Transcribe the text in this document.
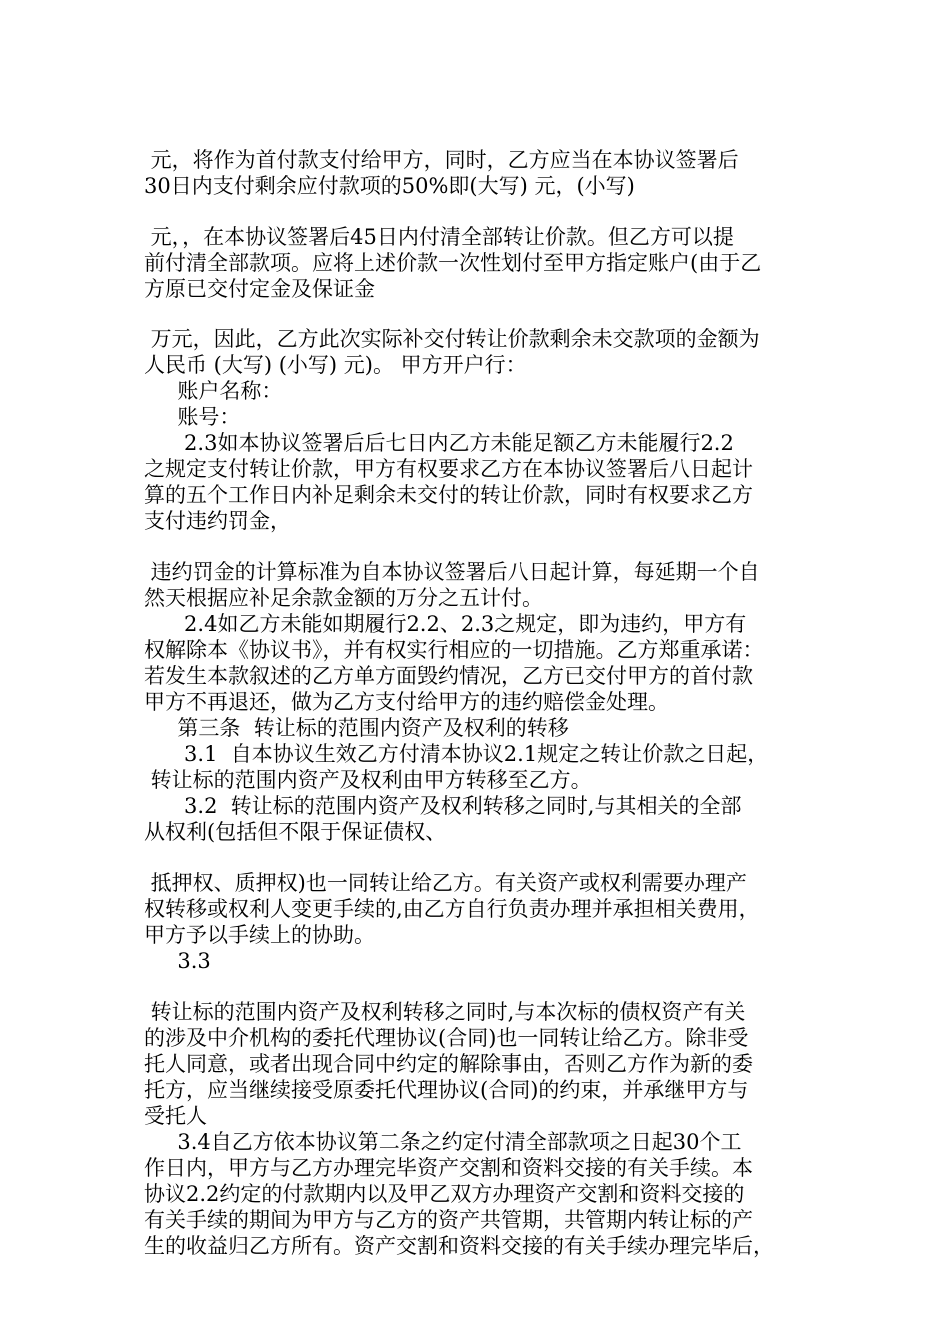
元，将作为首付款支付给甲方，同时，乙方应当在本协议签署后

30日内支付剩余应付款项的50%即(大写) 元，(小写)

元，，在本协议签署后45日内付清全部转让价款。但乙方可以提

前付清全部款项。应将上述价款一次性划付至甲方指定账户(由于乙

方原已交付定金及保证金

万元，因此，乙方此次实际补交付转让价款剩余未交款项的金额为

人民币 (大写) (小写) 元)。 甲方开户行：

账户名称：

账号：

2.3如本协议签署后后七日内乙方未能足额乙方未能履行2.2

之规定支付转让价款，甲方有权要求乙方在本协议签署后八日起计

算的五个工作日内补足剩余未交付的转让价款，同时有权要求乙方

支付违约罚金，

违约罚金的计算标准为自本协议签署后八日起计算，每延期一个自

然天根据应补足余款金额的万分之五计付。

2.4如乙方未能如期履行2.2、2.3之规定，即为违约，甲方有

权解除本《协议书》，并有权实行相应的一切措施。乙方郑重承诺：

若发生本款叙述的乙方单方面毁约情况，乙方已交付甲方的首付款

甲方不再退还，做为乙方支付给甲方的违约赔偿金处理。

第三条  转让标的范围内资产及权利的转移

3.1  自本协议生效乙方付清本协议2.1规定之转让价款之日起，

转让标的范围内资产及权利由甲方转移至乙方。

3.2  转让标的范围内资产及权利转移之同时,与其相关的全部

从权利(包括但不限于保证债权、

抵押权、质押权)也一同转让给乙方。有关资产或权利需要办理产

权转移或权利人变更手续的,由乙方自行负责办理并承担相关费用，

甲方予以手续上的协助。

3.3

转让标的范围内资产及权利转移之同时,与本次标的债权资产有关

的涉及中介机构的委托代理协议(合同)也一同转让给乙方。除非受

托人同意，或者出现合同中约定的解除事由，否则乙方作为新的委

托方，应当继续接受原委托代理协议(合同)的约束，并承继甲方与

受托人

3.4自乙方依本协议第二条之约定付清全部款项之日起30个工

作日内，甲方与乙方办理完毕资产交割和资料交接的有关手续。本

协议2.2约定的付款期内以及甲乙双方办理资产交割和资料交接的

有关手续的期间为甲方与乙方的资产共管期，共管期内转让标的产

生的收益归乙方所有。资产交割和资料交接的有关手续办理完毕后，
